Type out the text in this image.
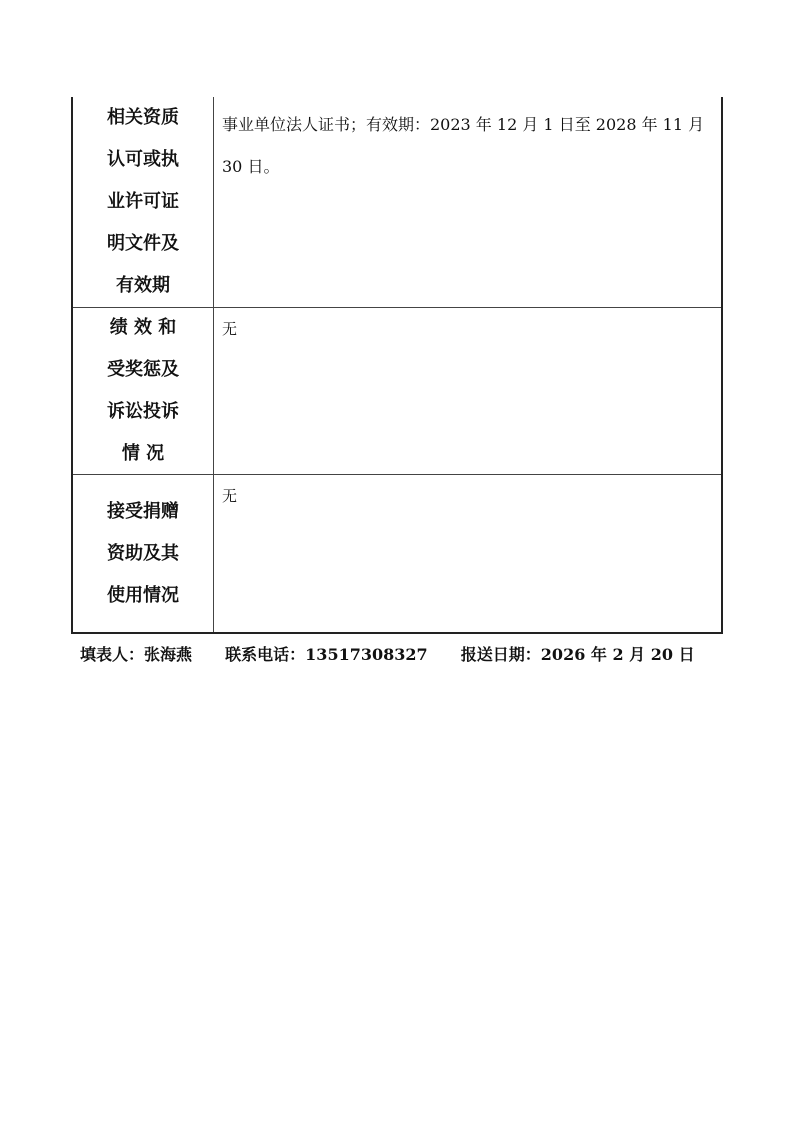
相关资质
认可或执
业许可证
明文件及
有效期
事业单位法人证书；有效期：2023 年 12 月 1 日至 2028 年 11 月 30 日。
绩 效 和
受奖惩及
诉讼投诉
情 况
无
接受捐赠
资助及其
使用情况
无
填表人：张海燕 联系电话：13517308327 报送日期：2026 年 2 月 20 日
